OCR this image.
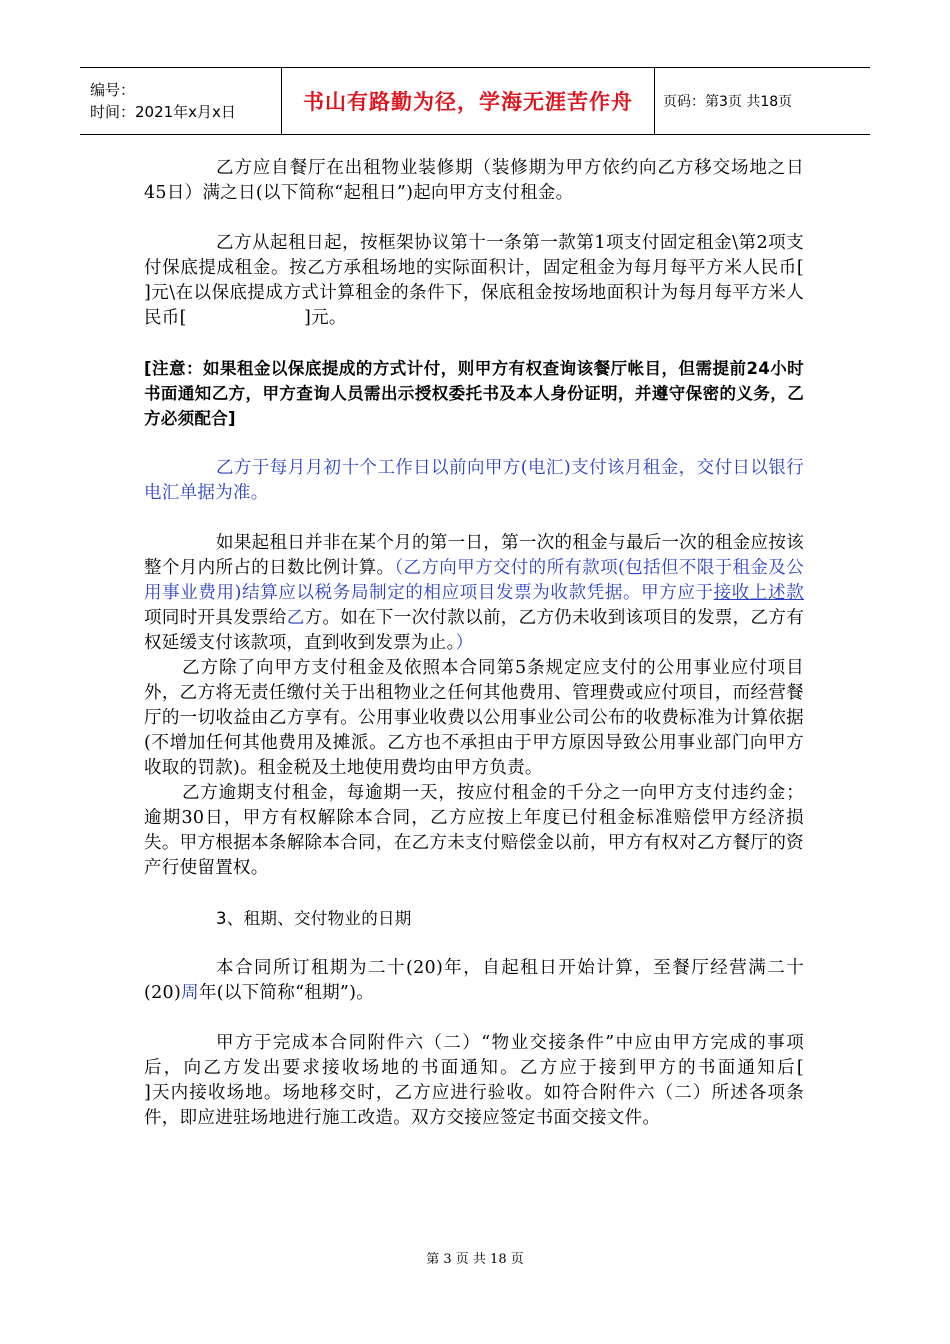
编号：
时间：2021年x月x日	书山有路勤为径，学海无涯苦作舟 页码：第3页 共18页

乙方应自餐厅在出租物业装修期（装修期为甲方依约向乙方移交场地之日45日）满之日(以下简称“起租日”)起向甲方支付租金。

乙方从起租日起，按框架协议第十一条第一款第1项支付固定租金\第2项支付保底提成租金。按乙方承租场地的实际面积计，固定租金为每月每平方米人民币[                    ]元\在以保底提成方式计算租金的条件下，保底租金按场地面积计为每月每平方米人民币[                    ]元。

[注意：如果租金以保底提成的方式计付，则甲方有权查询该餐厅帐目，但需提前24小时书面通知乙方，甲方查询人员需出示授权委托书及本人身份证明，并遵守保密的义务，乙方必须配合]

乙方于每月月初十个工作日以前向甲方(电汇)支付该月租金，交付日以银行电汇单据为准。

如果起租日并非在某个月的第一日，第一次的租金与最后一次的租金应按该整个月内所占的日数比例计算。（乙方向甲方交付的所有款项(包括但不限于租金及公用事业费用)结算应以税务局制定的相应项目发票为收款凭据。甲方应于接收上述款项同时开具发票给乙方。如在下一次付款以前，乙方仍未收到该项目的发票，乙方有权延缓支付该款项，直到收到发票为止。）

乙方除了向甲方支付租金及依照本合同第5条规定应支付的公用事业应付项目外，乙方将无责任缴付关于出租物业之任何其他费用、管理费或应付项目，而经营餐厅的一切收益由乙方享有。公用事业收费以公用事业公司公布的收费标准为计算依据(不增加任何其他费用及摊派。乙方也不承担由于甲方原因导致公用事业部门向甲方收取的罚款)。租金税及土地使用费均由甲方负责。

乙方逾期支付租金，每逾期一天，按应付租金的千分之一向甲方支付违约金；逾期30日，甲方有权解除本合同，乙方应按上年度已付租金标准赔偿甲方经济损失。甲方根据本条解除本合同，在乙方未支付赔偿金以前，甲方有权对乙方餐厅的资产行使留置权。

3、租期、交付物业的日期

本合同所订租期为二十(20)年，自起租日开始计算，至餐厅经营满二十(20)周年(以下简称“租期”)。

甲方于完成本合同附件六（二）“物业交接条件”中应由甲方完成的事项后，向乙方发出要求接收场地的书面通知。乙方应于接到甲方的书面通知后[             ]天内接收场地。场地移交时，乙方应进行验收。如符合附件六（二）所述各项条件，即应进驻场地进行施工改造。双方交接应签定书面交接文件。

第 3 页 共 18 页
